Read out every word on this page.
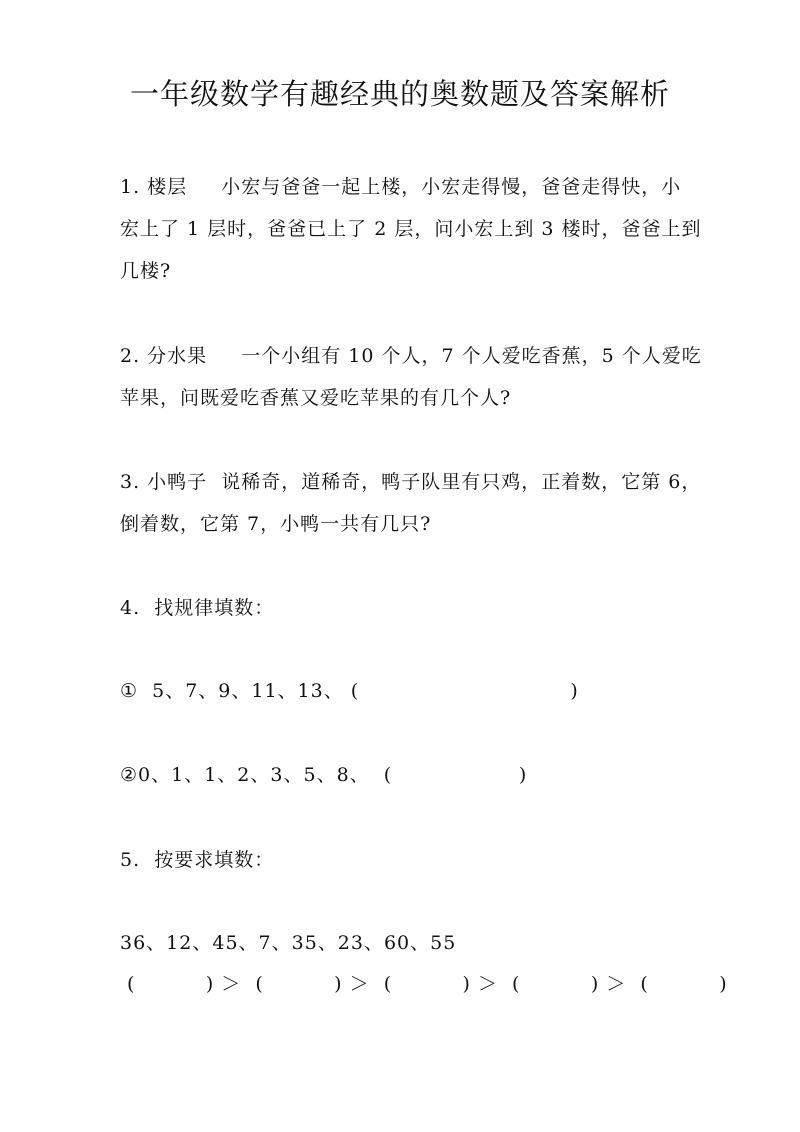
一年级数学有趣经典的奥数题及答案解析
1. 楼层　  小宏与爸爸一起上楼，小宏走得慢，爸爸走得快，小
宏上了 1 层时，爸爸已上了 2 层，问小宏上到 3 楼时，爸爸上到
几楼?
2. 分水果　  一个小组有 10 个人，7 个人爱吃香蕉，5 个人爱吃
苹果，问既爱吃香蕉又爱吃苹果的有几个人?
3. 小鸭子  说稀奇，道稀奇，鸭子队里有只鸡，正着数，它第 6，
倒着数，它第 7，小鸭一共有几只?
4.  找规律填数：
①  5、7、9、11、13、 (                              )
②0、1、1、2、3、5、8、  (                  )
5.  按要求填数：
36、12、45、7、35、23、60、55
(          ) ＞  (          ) ＞  (          ) ＞  (          ) ＞  (          )
